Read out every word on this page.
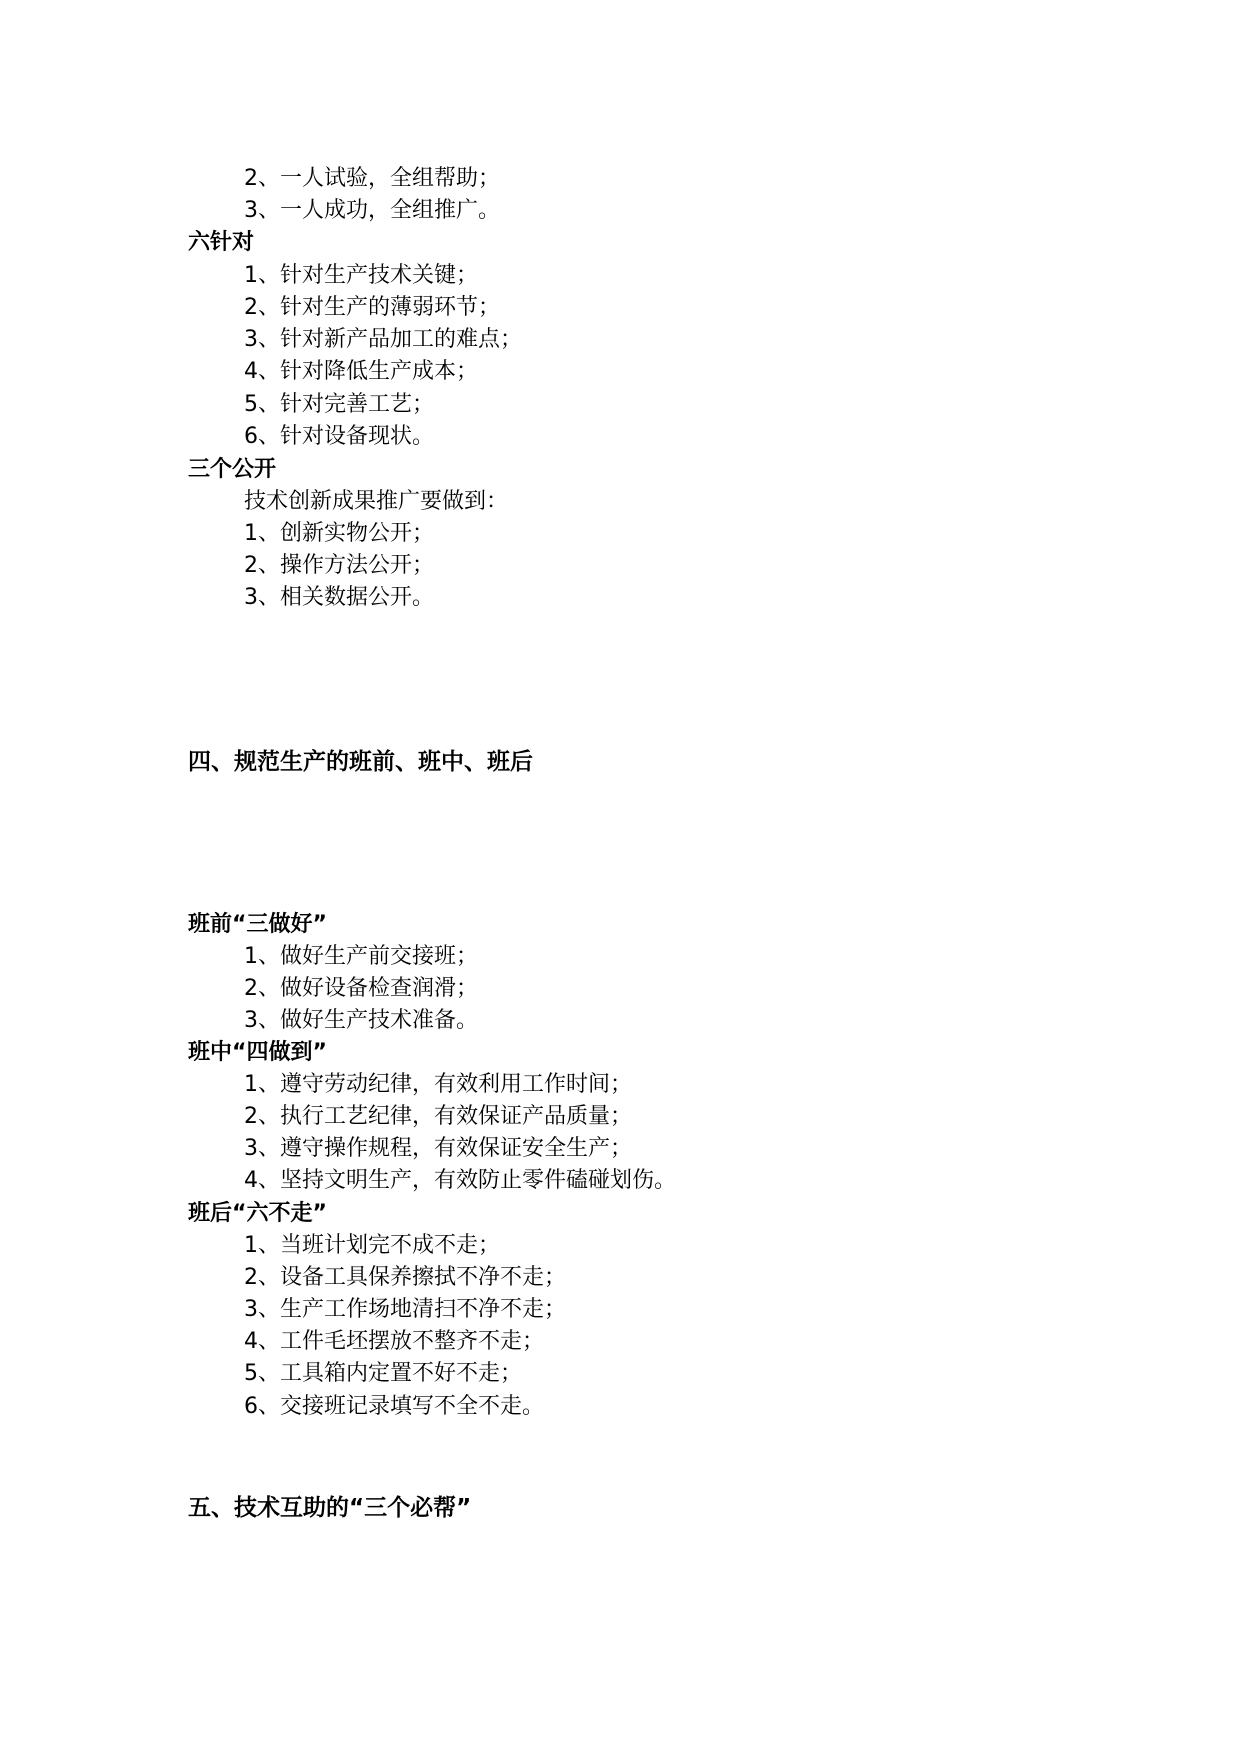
2、一人试验，全组帮助；
3、一人成功，全组推广。
六针对
1、针对生产技术关键；
2、针对生产的薄弱环节；
3、针对新产品加工的难点；
4、针对降低生产成本；
5、针对完善工艺；
6、针对设备现状。
三个公开
技术创新成果推广要做到：
1、创新实物公开；
2、操作方法公开；
3、相关数据公开。
四、规范生产的班前、班中、班后
班前“三做好”
1、做好生产前交接班；
2、做好设备检查润滑；
3、做好生产技术准备。
班中“四做到”
1、遵守劳动纪律，有效利用工作时间；
2、执行工艺纪律，有效保证产品质量；
3、遵守操作规程，有效保证安全生产；
4、坚持文明生产，有效防止零件磕碰划伤。
班后“六不走”
1、当班计划完不成不走；
2、设备工具保养擦拭不净不走；
3、生产工作场地清扫不净不走；
4、工件毛坯摆放不整齐不走；
5、工具箱内定置不好不走；
6、交接班记录填写不全不走。
五、技术互助的“三个必帮”
